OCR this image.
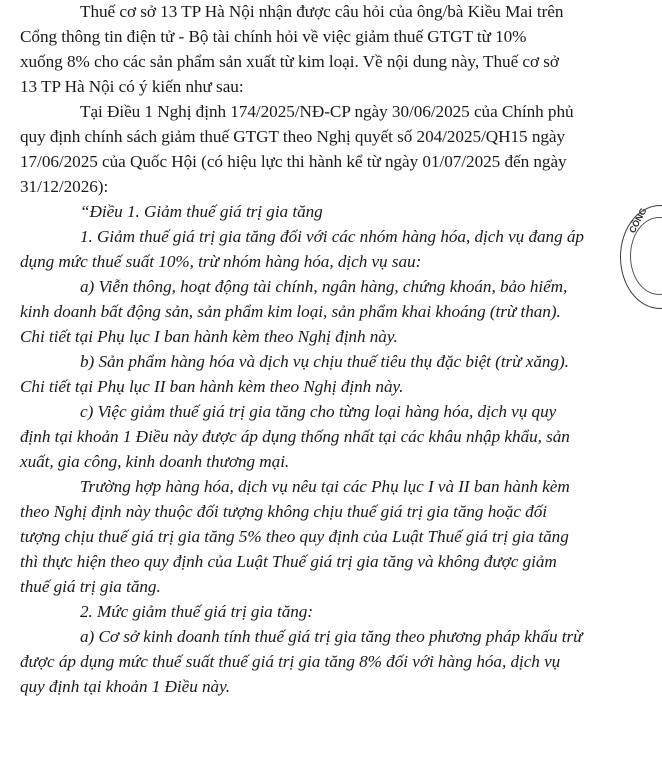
Thuế cơ sở 13 TP Hà Nội nhận được câu hỏi của ông/bà Kiều Mai trên
Cổng thông tin điện tử - Bộ tài chính hỏi về việc giảm thuế GTGT từ 10%
xuống 8% cho các sản phẩm sản xuất từ kim loại. Về nội dung này, Thuế cơ sở
13 TP Hà Nội có ý kiến như sau:
Tại Điều 1 Nghị định 174/2025/NĐ-CP ngày 30/06/2025 của Chính phủ
quy định chính sách giảm thuế GTGT theo Nghị quyết số 204/2025/QH15 ngày
17/06/2025 của Quốc Hội (có hiệu lực thi hành kể từ ngày 01/07/2025 đến ngày
31/12/2026):
“Điều 1. Giảm thuế giá trị gia tăng
1. Giảm thuế giá trị gia tăng đối với các nhóm hàng hóa, dịch vụ đang áp
dụng mức thuế suất 10%, trừ nhóm hàng hóa, dịch vụ sau:
a) Viễn thông, hoạt động tài chính, ngân hàng, chứng khoán, bảo hiểm,
kinh doanh bất động sản, sản phẩm kim loại, sản phẩm khai khoáng (trừ than).
Chi tiết tại Phụ lục I ban hành kèm theo Nghị định này.
b) Sản phẩm hàng hóa và dịch vụ chịu thuế tiêu thụ đặc biệt (trừ xăng).
Chi tiết tại Phụ lục II ban hành kèm theo Nghị định này.
c) Việc giảm thuế giá trị gia tăng cho từng loại hàng hóa, dịch vụ quy
định tại khoản 1 Điều này được áp dụng thống nhất tại các khâu nhập khẩu, sản
xuất, gia công, kinh doanh thương mại.
Trường hợp hàng hóa, dịch vụ nêu tại các Phụ lục I và II ban hành kèm
theo Nghị định này thuộc đối tượng không chịu thuế giá trị gia tăng hoặc đối
tượng chịu thuế giá trị gia tăng 5% theo quy định của Luật Thuế giá trị gia tăng
thì thực hiện theo quy định của Luật Thuế giá trị gia tăng và không được giảm
thuế giá trị gia tăng.
2. Mức giảm thuế giá trị gia tăng:
a) Cơ sở kinh doanh tính thuế giá trị gia tăng theo phương pháp khấu trừ
được áp dụng mức thuế suất thuế giá trị gia tăng 8% đối với hàng hóa, dịch vụ
quy định tại khoản 1 Điều này.
CÔNG
